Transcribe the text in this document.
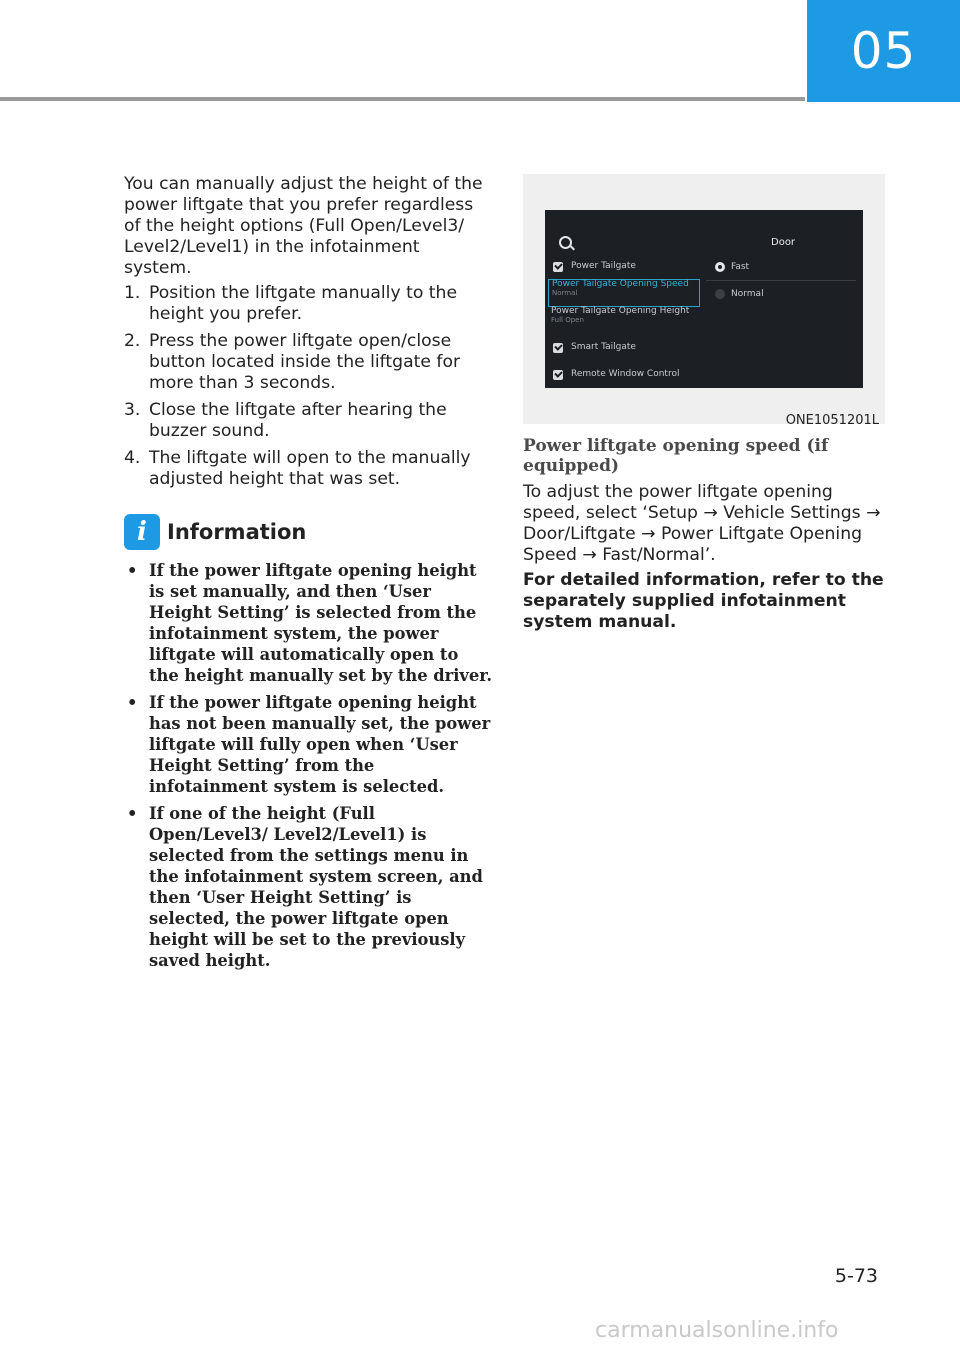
05

You can manually adjust the height of the power liftgate that you prefer regardless of the height options (Full Open/Level3/ Level2/Level1) in the infotainment system.

1. Position the liftgate manually to the height you prefer.
2. Press the power liftgate open/close button located inside the liftgate for more than 3 seconds.
3. Close the liftgate after hearing the buzzer sound.
4. The liftgate will open to the manually adjusted height that was set.
i Information
• If the power liftgate opening height is set manually, and then ‘User Height Setting’ is selected from the infotainment system, the power liftgate will automatically open to the height manually set by the driver.
• If the power liftgate opening height has not been manually set, the power liftgate will fully open when ‘User Height Setting’ from the infotainment system is selected.
• If one of the height (Full Open/Level3/ Level2/Level1) is selected from the settings menu in the infotainment system screen, and then ‘User Height Setting’ is selected, the power liftgate open height will be set to the previously saved height.
Door
Power Tailgate
Power Tailgate Opening Speed
Normal
Power Tailgate Opening Height
Full Open
Smart Tailgate
Remote Window Control
Fast
Normal
ONE1051201L
Power liftgate opening speed (if equipped)

To adjust the power liftgate opening speed, select ‘Setup → Vehicle Settings → Door/Liftgate → Power Liftgate Opening Speed → Fast/Normal’.

For detailed information, refer to the separately supplied infotainment system manual.

5-73
carmanualsonline.info
